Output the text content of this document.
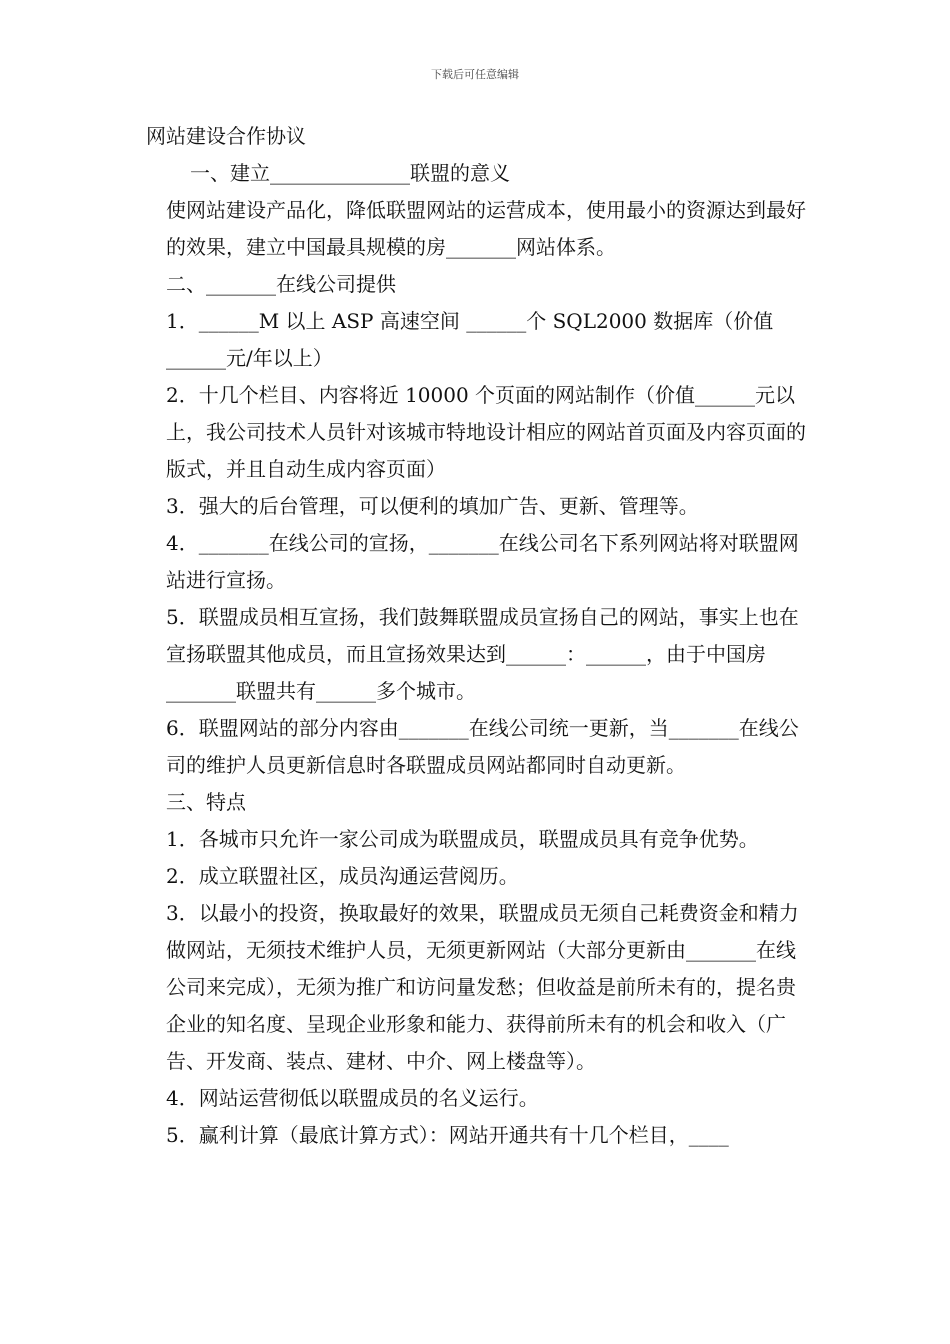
下载后可任意编辑

网站建设合作协议

一、建立______________联盟的意义

使网站建设产品化，降低联盟网站的运营成本，使用最小的资源达到最好的效果，建立中国最具规模的房_______网站体系。

二、_______在线公司提供

1．______M 以上 ASP 高速空间 ______个 SQL2000 数据库（价值______元/年以上）

2．十几个栏目、内容将近 10000 个页面的网站制作（价值______元以上，我公司技术人员针对该城市特地设计相应的网站首页面及内容页面的版式，并且自动生成内容页面）

3．强大的后台管理，可以便利的填加广告、更新、管理等。

4．_______在线公司的宣扬，_______在线公司名下系列网站将对联盟网站进行宣扬。

5．联盟成员相互宣扬，我们鼓舞联盟成员宣扬自己的网站，事实上也在宣扬联盟其他成员，而且宣扬效果达到______：______，由于中国房_______联盟共有______多个城市。

6．联盟网站的部分内容由_______在线公司统一更新，当_______在线公司的维护人员更新信息时各联盟成员网站都同时自动更新。

三、特点

1．各城市只允许一家公司成为联盟成员，联盟成员具有竞争优势。

2．成立联盟社区，成员沟通运营阅历。

3．以最小的投资，换取最好的效果，联盟成员无须自己耗费资金和精力做网站，无须技术维护人员，无须更新网站（大部分更新由_______在线公司来完成），无须为推广和访问量发愁；但收益是前所未有的，提名贵企业的知名度、呈现企业形象和能力、获得前所未有的机会和收入（广告、开发商、装点、建材、中介、网上楼盘等）。

4．网站运营彻低以联盟成员的名义运行。

5．赢利计算（最底计算方式）：网站开通共有十几个栏目，____
